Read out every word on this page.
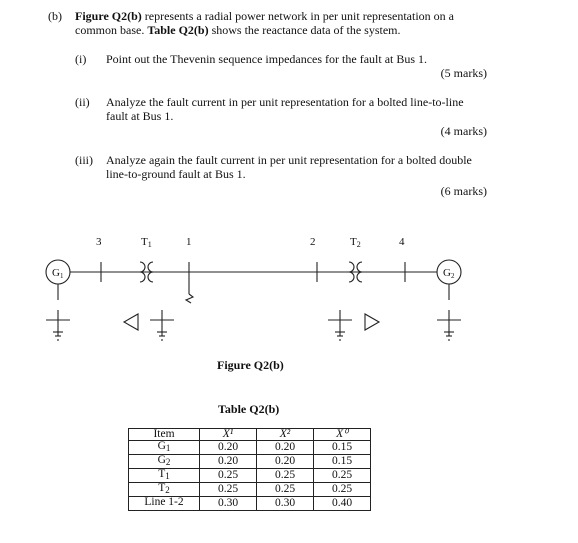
(b) Figure Q2(b) represents a radial power network in per unit representation on a
common base. Table Q2(b) shows the reactance data of the system.
(i) Point out the Thevenin sequence impedances for the fault at Bus 1.
(5 marks)
(ii) Analyze the fault current in per unit representation for a bolted line-to-line
fault at Bus 1.
(4 marks)
(iii) Analyze again the fault current in per unit representation for a bolted double
line-to-ground fault at Bus 1.
(6 marks)
3	T1	1	2	T2	4
G1	G2
Figure Q2(b)
Table Q2(b)
Item	X¹	X²	X⁰
$G_1$	0.20	0.20	0.15
$G_2$	0.20	0.20	0.15
$T_1$	0.25	0.25	0.25
$T_2$	0.25	0.25	0.25
Line 1-2	0.30	0.30	0.40
